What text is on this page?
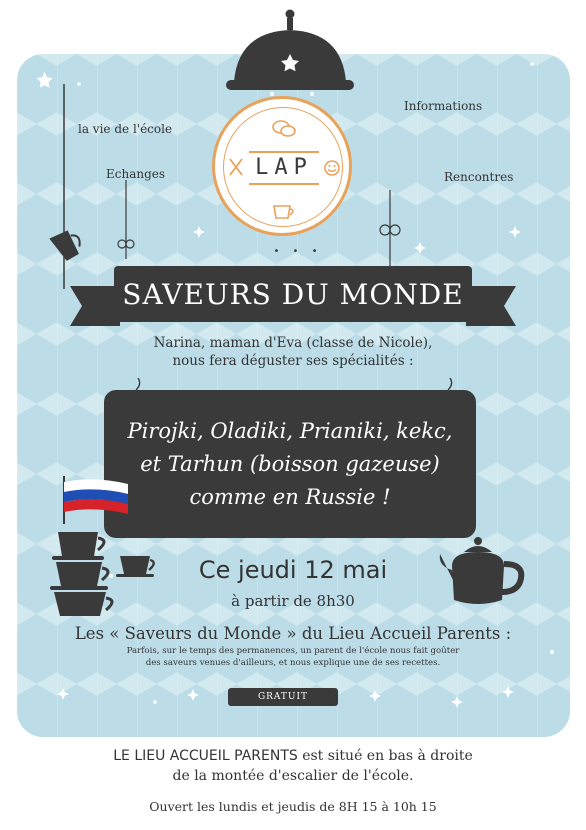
LAP
• • •
la vie de l'école
Informations
Echanges	Rencontres
SAVEURS DU MONDE
Narina, maman d'Eva (classe de Nicole),
nous fera déguster ses spécialités :
Pirojki, Oladiki, Prianiki, kekc,
et Tarhun (boisson gazeuse)
comme en Russie !
Ce jeudi 12 mai
à partir de 8h30
Les « Saveurs du Monde » du Lieu Accueil Parents :
Parfois, sur le temps des permanences, un parent de l'école nous fait goûter
des saveurs venues d'ailleurs, et nous explique une de ses recettes.
GRATUIT
LE LIEU ACCUEIL PARENTS est situé en bas à droite
de la montée d'escalier de l'école.
Ouvert les lundis et jeudis de 8H 15 à 10h 15
